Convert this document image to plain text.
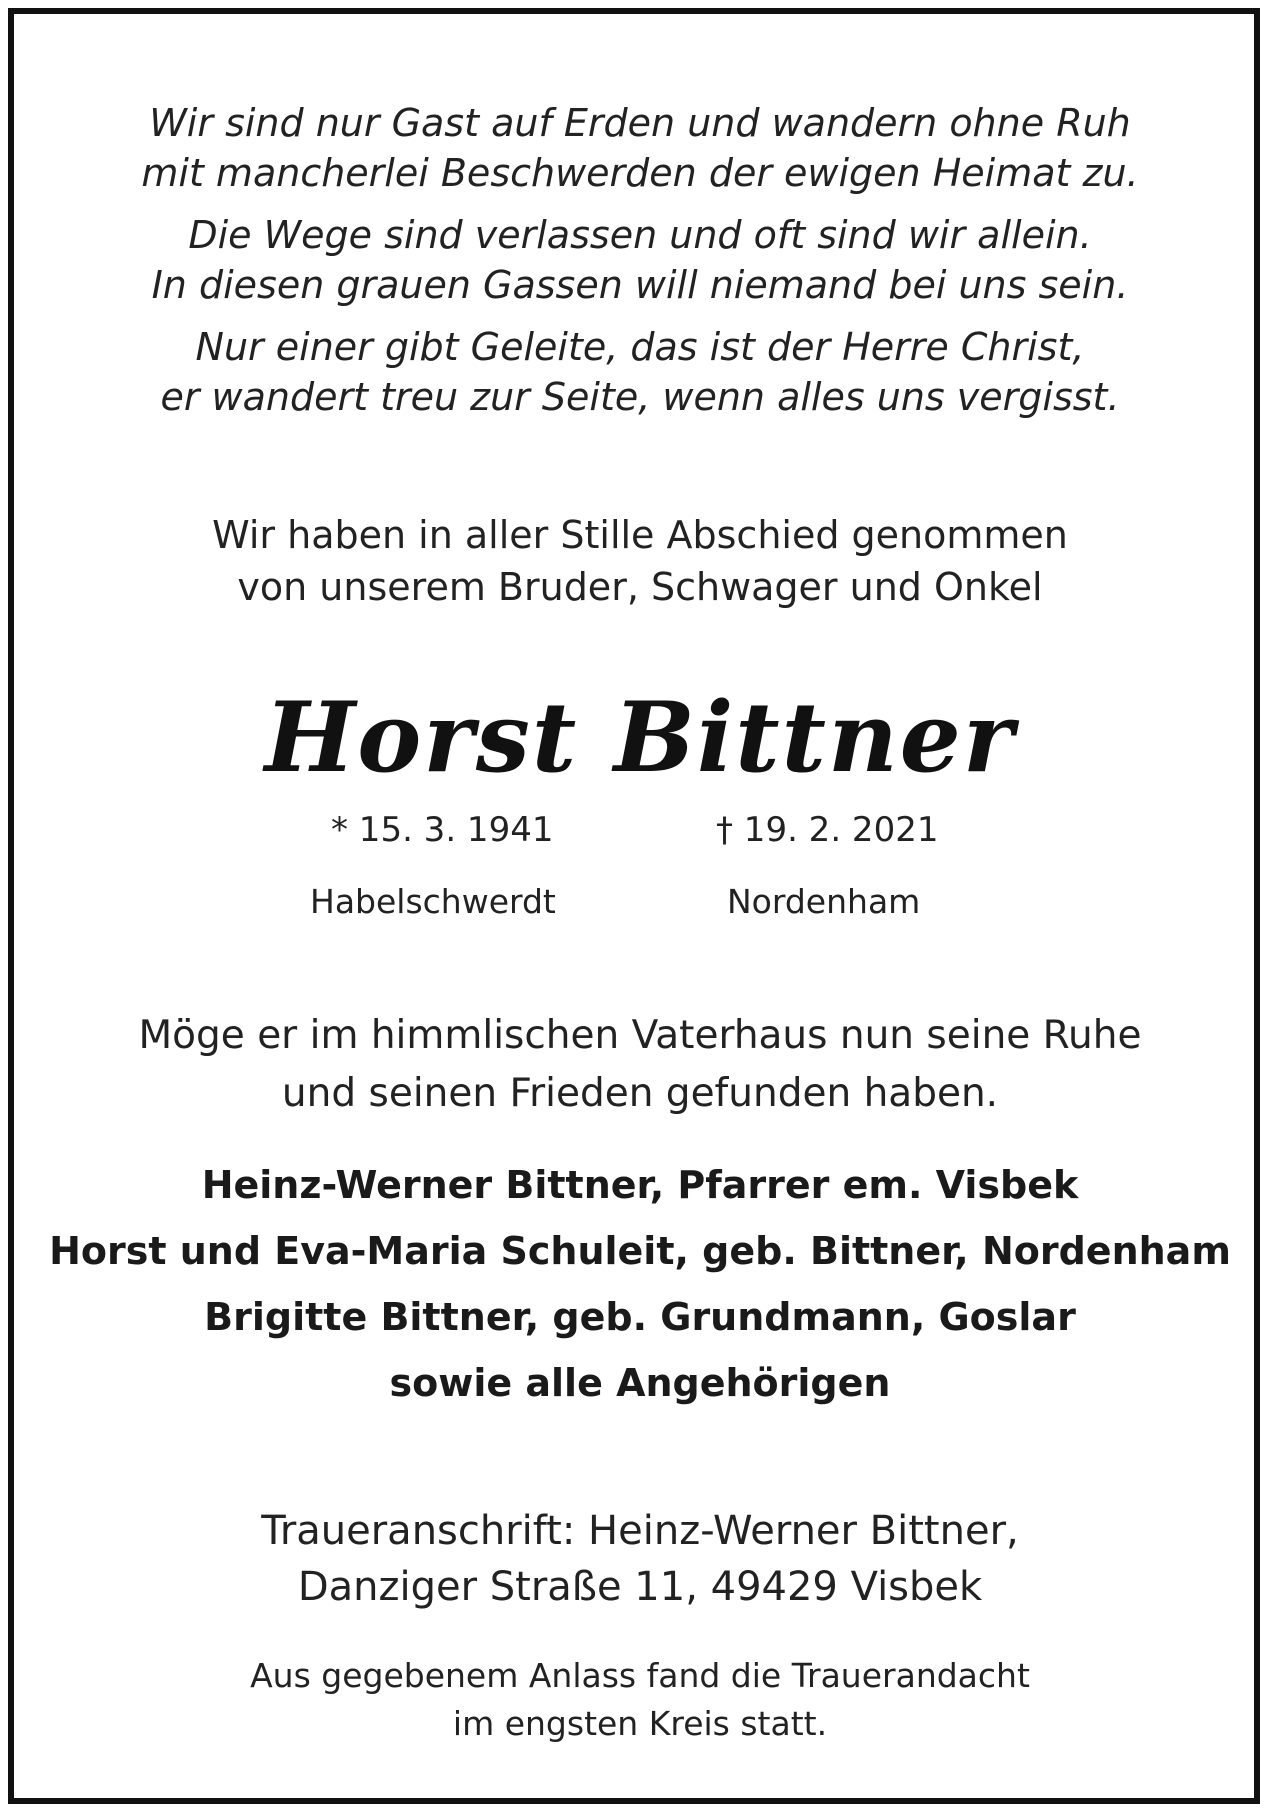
Wir sind nur Gast auf Erden und wandern ohne Ruh
mit mancherlei Beschwerden der ewigen Heimat zu.
Die Wege sind verlassen und oft sind wir allein.
In diesen grauen Gassen will niemand bei uns sein.
Nur einer gibt Geleite, das ist der Herre Christ,
er wandert treu zur Seite, wenn alles uns vergisst.
Wir haben in aller Stille Abschied genommen
von unserem Bruder, Schwager und Onkel
Horst Bittner
* 15. 3. 1941	† 19. 2. 2021
Habelschwerdt	Nordenham
Möge er im himmlischen Vaterhaus nun seine Ruhe
und seinen Frieden gefunden haben.
Heinz-Werner Bittner, Pfarrer em. Visbek
Horst und Eva-Maria Schuleit, geb. Bittner, Nordenham
Brigitte Bittner, geb. Grundmann, Goslar
sowie alle Angehörigen
Traueranschrift: Heinz-Werner Bittner,
Danziger Straße 11, 49429 Visbek
Aus gegebenem Anlass fand die Trauerandacht
im engsten Kreis statt.
